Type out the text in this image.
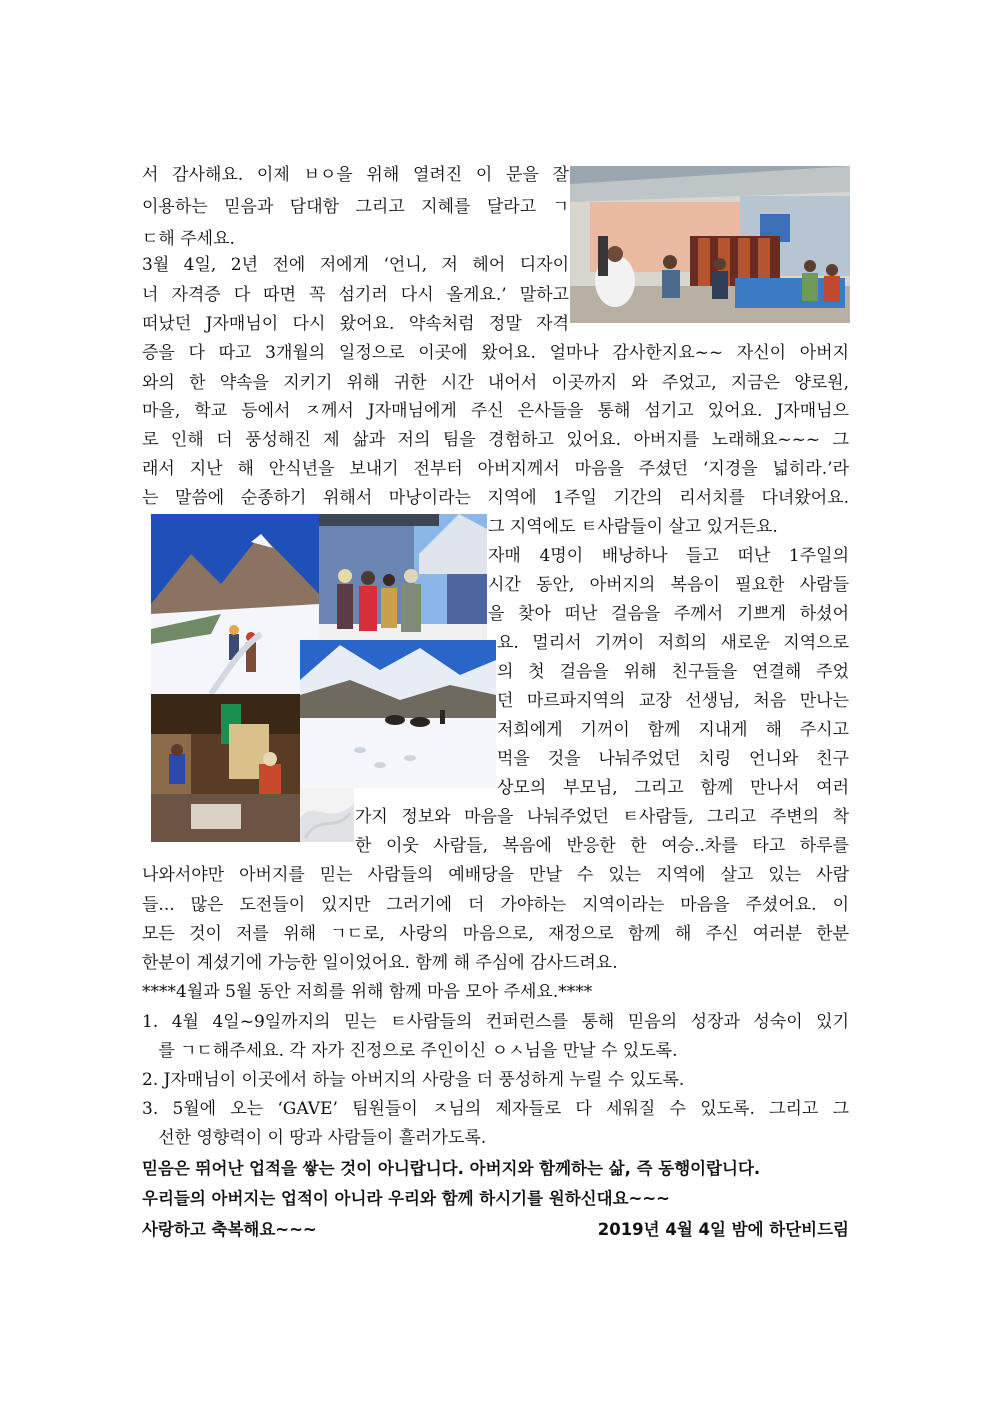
서 감사해요. 이제 ㅂㅇ을 위해 열려진 이 문을 잘
이용하는 믿음과 담대함 그리고 지혜를 달라고 ㄱ
ㄷ해 주세요.
3월 4일, 2년 전에 저에게 ‘언니, 저 헤어 디자이
너 자격증 다 따면 꼭 섬기러 다시 올게요.’ 말하고
떠났던 J자매님이 다시 왔어요. 약속처럼 정말 자격
증을 다 따고 3개월의 일정으로 이곳에 왔어요. 얼마나 감사한지요~~ 자신이 아버지
와의 한 약속을 지키기 위해 귀한 시간 내어서 이곳까지 와 주었고, 지금은 양로원,
마을, 학교 등에서 ㅈ께서 J자매님에게 주신 은사들을 통해 섬기고 있어요. J자매님으
로 인해 더 풍성해진 제 삶과 저의 팀을 경험하고 있어요. 아버지를 노래해요~~~ 그
래서 지난 해 안식년을 보내기 전부터 아버지께서 마음을 주셨던 ‘지경을 넓히라.’라
는 말씀에 순종하기 위해서 마낭이라는 지역에 1주일 기간의 리서치를 다녀왔어요.
그 지역에도 ㅌ사람들이 살고 있거든요.
자매 4명이 배낭하나 들고 떠난 1주일의
시간 동안, 아버지의 복음이 필요한 사람들
을 찾아 떠난 걸음을 주께서 기쁘게 하셨어
요. 멀리서 기꺼이 저희의 새로운 지역으로
의 첫 걸음을 위해 친구들을 연결해 주었
던 마르파지역의 교장 선생님, 처음 만나는
저희에게 기꺼이 함께 지내게 해 주시고
먹을 것을 나눠주었던 치링 언니와 친구
상모의 부모님, 그리고 함께 만나서 여러
가지 정보와 마음을 나눠주었던 ㅌ사람들, 그리고 주변의 착
한 이웃 사람들, 복음에 반응한 한 여승..차를 타고 하루를
나와서야만 아버지를 믿는 사람들의 예배당을 만날 수 있는 지역에 살고 있는 사람
들... 많은 도전들이 있지만 그러기에 더 가야하는 지역이라는 마음을 주셨어요. 이
모든 것이 저를 위해 ㄱㄷ로, 사랑의 마음으로, 재정으로 함께 해 주신 여러분 한분
한분이 계셨기에 가능한 일이었어요. 함께 해 주심에 감사드려요.
****4월과 5월 동안 저희를 위해 함께 마음 모아 주세요.****
1. 4월 4일~9일까지의 믿는 ㅌ사람들의 컨퍼런스를 통해 믿음의 성장과 성숙이 있기
를 ㄱㄷ해주세요. 각 자가 진정으로 주인이신 ㅇㅅ님을 만날 수 있도록.
2. J자매님이 이곳에서 하늘 아버지의 사랑을 더 풍성하게 누릴 수 있도록.
3. 5월에 오는 ‘GAVE’ 팀원들이 ㅈ님의 제자들로 다 세워질 수 있도록. 그리고 그
선한 영향력이 이 땅과 사람들이 흘러가도록.
믿음은 뛰어난 업적을 쌓는 것이 아니랍니다. 아버지와 함께하는 삶, 즉 동행이랍니다.
우리들의 아버지는 업적이 아니라 우리와 함께 하시기를 원하신대요~~~
사랑하고 축복해요~~~	2019년 4월 4일 밤에 하단비드림
